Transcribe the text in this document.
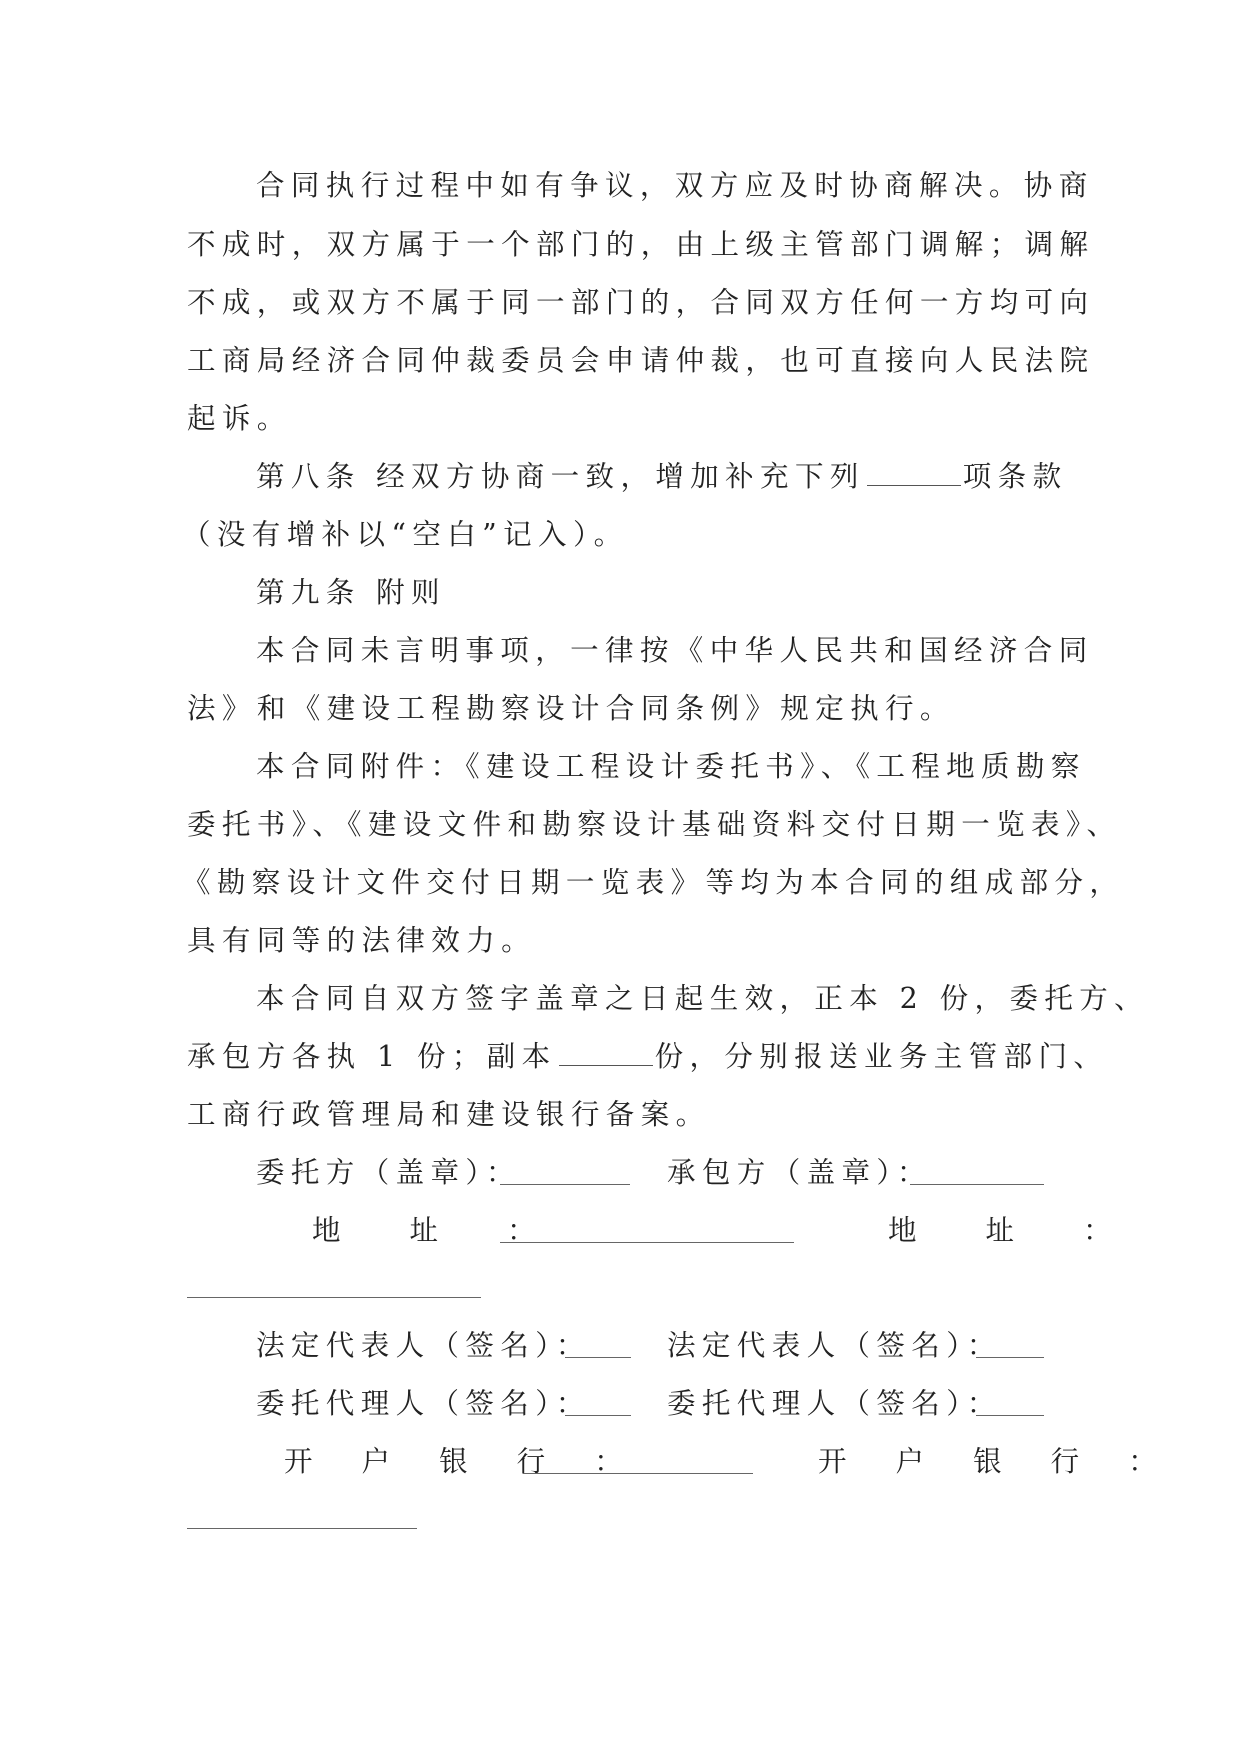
合同执行过程中如有争议，双方应及时协商解决。协商
不成时，双方属于一个部门的，由上级主管部门调解；调解
不成，或双方不属于同一部门的，合同双方任何一方均可向
工商局经济合同仲裁委员会申请仲裁，也可直接向人民法院
起诉。
第八条 经双方协商一致，增加补充下列	项条款
（没有增补以“空白”记入）。
第九条 附则
本合同未言明事项，一律按《中华人民共和国经济合同
法》和《建设工程勘察设计合同条例》规定执行。
本合同附件：《建设工程设计委托书》、《工程地质勘察
委托书》、《建设文件和勘察设计基础资料交付日期一览表》、
《勘察设计文件交付日期一览表》等均为本合同的组成部分，
具有同等的法律效力。
本合同自双方签字盖章之日起生效，正本 2 份，委托方、
承包方各执 1 份；副本	份，分别报送业务主管部门、
工商行政管理局和建设银行备案。
委托方（盖章）：	承包方（盖章）：
地 址 ：	地 址 ：
法定代表人（签名）：	法定代表人（签名）：
委托代理人（签名）：	委托代理人（签名）：
开 户 银 行 ：	开 户 银 行 ：
